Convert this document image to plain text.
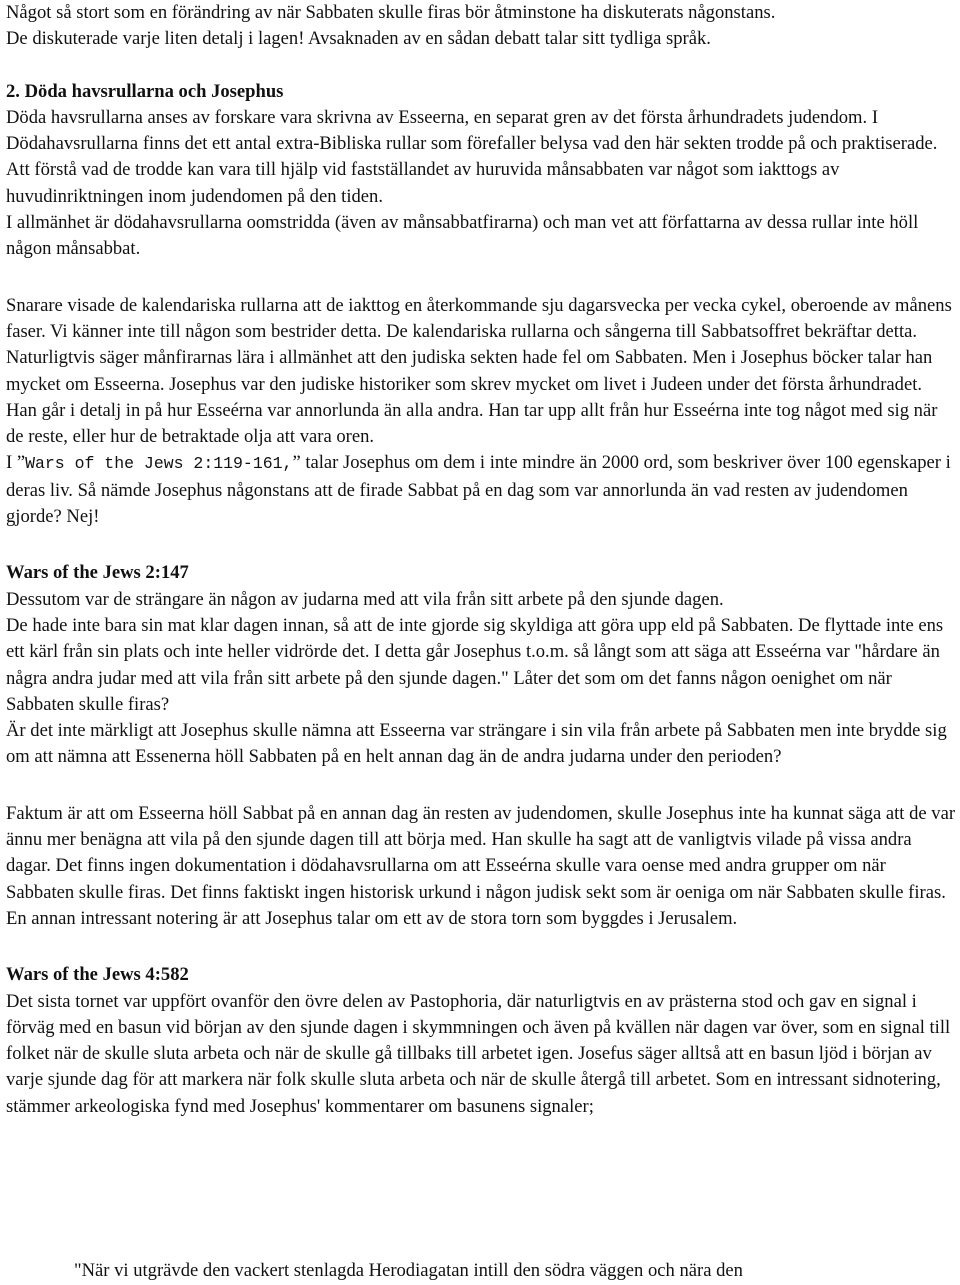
Något så stort som en förändring av när Sabbaten skulle firas bör åtminstone ha diskuterats någonstans.
De diskuterade varje liten detalj i lagen! Avsaknaden av en sådan debatt talar sitt tydliga språk.

2. Döda havsrullarna och Josephus
Döda havsrullarna anses av forskare vara skrivna av Esseerna, en separat gren av det första århundradets judendom. I Dödahavsrullarna finns det ett antal extra-Bibliska rullar som förefaller belysa vad den här sekten trodde på och praktiserade. Att förstå vad de trodde kan vara till hjälp vid fastställandet av huruvida månsabbaten var något som iakttogs av huvudinriktningen inom judendomen på den tiden.
I allmänhet är dödahavsrullarna oomstridda (även av månsabbatfirarna) och man vet att författarna av dessa rullar inte höll någon månsabbat.

Snarare visade de kalendariska rullarna att de iakttog en återkommande sju dagarsvecka per vecka cykel, oberoende av månens faser. Vi känner inte till någon som bestrider detta. De kalendariska rullarna och sångerna till Sabbatsoffret bekräftar detta. Naturligtvis säger månfirarnas lära i allmänhet att den judiska sekten hade fel om Sabbaten. Men i Josephus böcker talar han mycket om Esseerna. Josephus var den judiske historiker som skrev mycket om livet i Judeen under det första århundradet.
Han går i detalj in på hur Esseérna var annorlunda än alla andra. Han tar upp allt från hur Esseérna inte tog något med sig när de reste, eller hur de betraktade olja att vara oren.
I ”Wars of the Jews 2:119-161,” talar Josephus om dem i inte mindre än 2000 ord, som beskriver över 100 egenskaper i deras liv. Så nämde Josephus någonstans att de firade Sabbat på en dag som var annorlunda än vad resten av judendomen gjorde? Nej!

Wars of the Jews 2:147
Dessutom var de strängare än någon av judarna med att vila från sitt arbete på den sjunde dagen.
De hade inte bara sin mat klar dagen innan, så att de inte gjorde sig skyldiga att göra upp eld på Sabbaten. De flyttade inte ens ett kärl från sin plats och inte heller vidrörde det. I detta går Josephus t.o.m. så långt som att säga att Esseérna var "hårdare än några andra judar med att vila från sitt arbete på den sjunde dagen." Låter det som om det fanns någon oenighet om när Sabbaten skulle firas?
Är det inte märkligt att Josephus skulle nämna att Esseerna var strängare i sin vila från arbete på Sabbaten men inte brydde sig om att nämna att Essenerna höll Sabbaten på en helt annan dag än de andra judarna under den perioden?

Faktum är att om Esseerna höll Sabbat på en annan dag än resten av judendomen, skulle Josephus inte ha kunnat säga att de var ännu mer benägna att vila på den sjunde dagen till att börja med. Han skulle ha sagt att de vanligtvis vilade på vissa andra dagar. Det finns ingen dokumentation i dödahavsrullarna om att Esseérna skulle vara oense med andra grupper om när Sabbaten skulle firas. Det finns faktiskt ingen historisk urkund i någon judisk sekt som är oeniga om när Sabbaten skulle firas. En annan intressant notering är att Josephus talar om ett av de stora torn som byggdes i Jerusalem.

Wars of the Jews 4:582
Det sista tornet var uppfört ovanför den övre delen av Pastophoria, där naturligtvis en av prästerna stod och gav en signal i förväg med en basun vid början av den sjunde dagen i skymmningen och även på kvällen när dagen var över, som en signal till folket när de skulle sluta arbeta och när de skulle gå tillbaks till arbetet igen. Josefus säger alltså att en basun ljöd i början av varje sjunde dag för att markera när folk skulle sluta arbeta och när de skulle återgå till arbetet. Som en intressant sidnotering, stämmer arkeologiska fynd med Josephus' kommentarer om basunens signaler;

"När vi utgrävde den vackert stenlagda Herodiagatan intill den södra väggen och nära den
